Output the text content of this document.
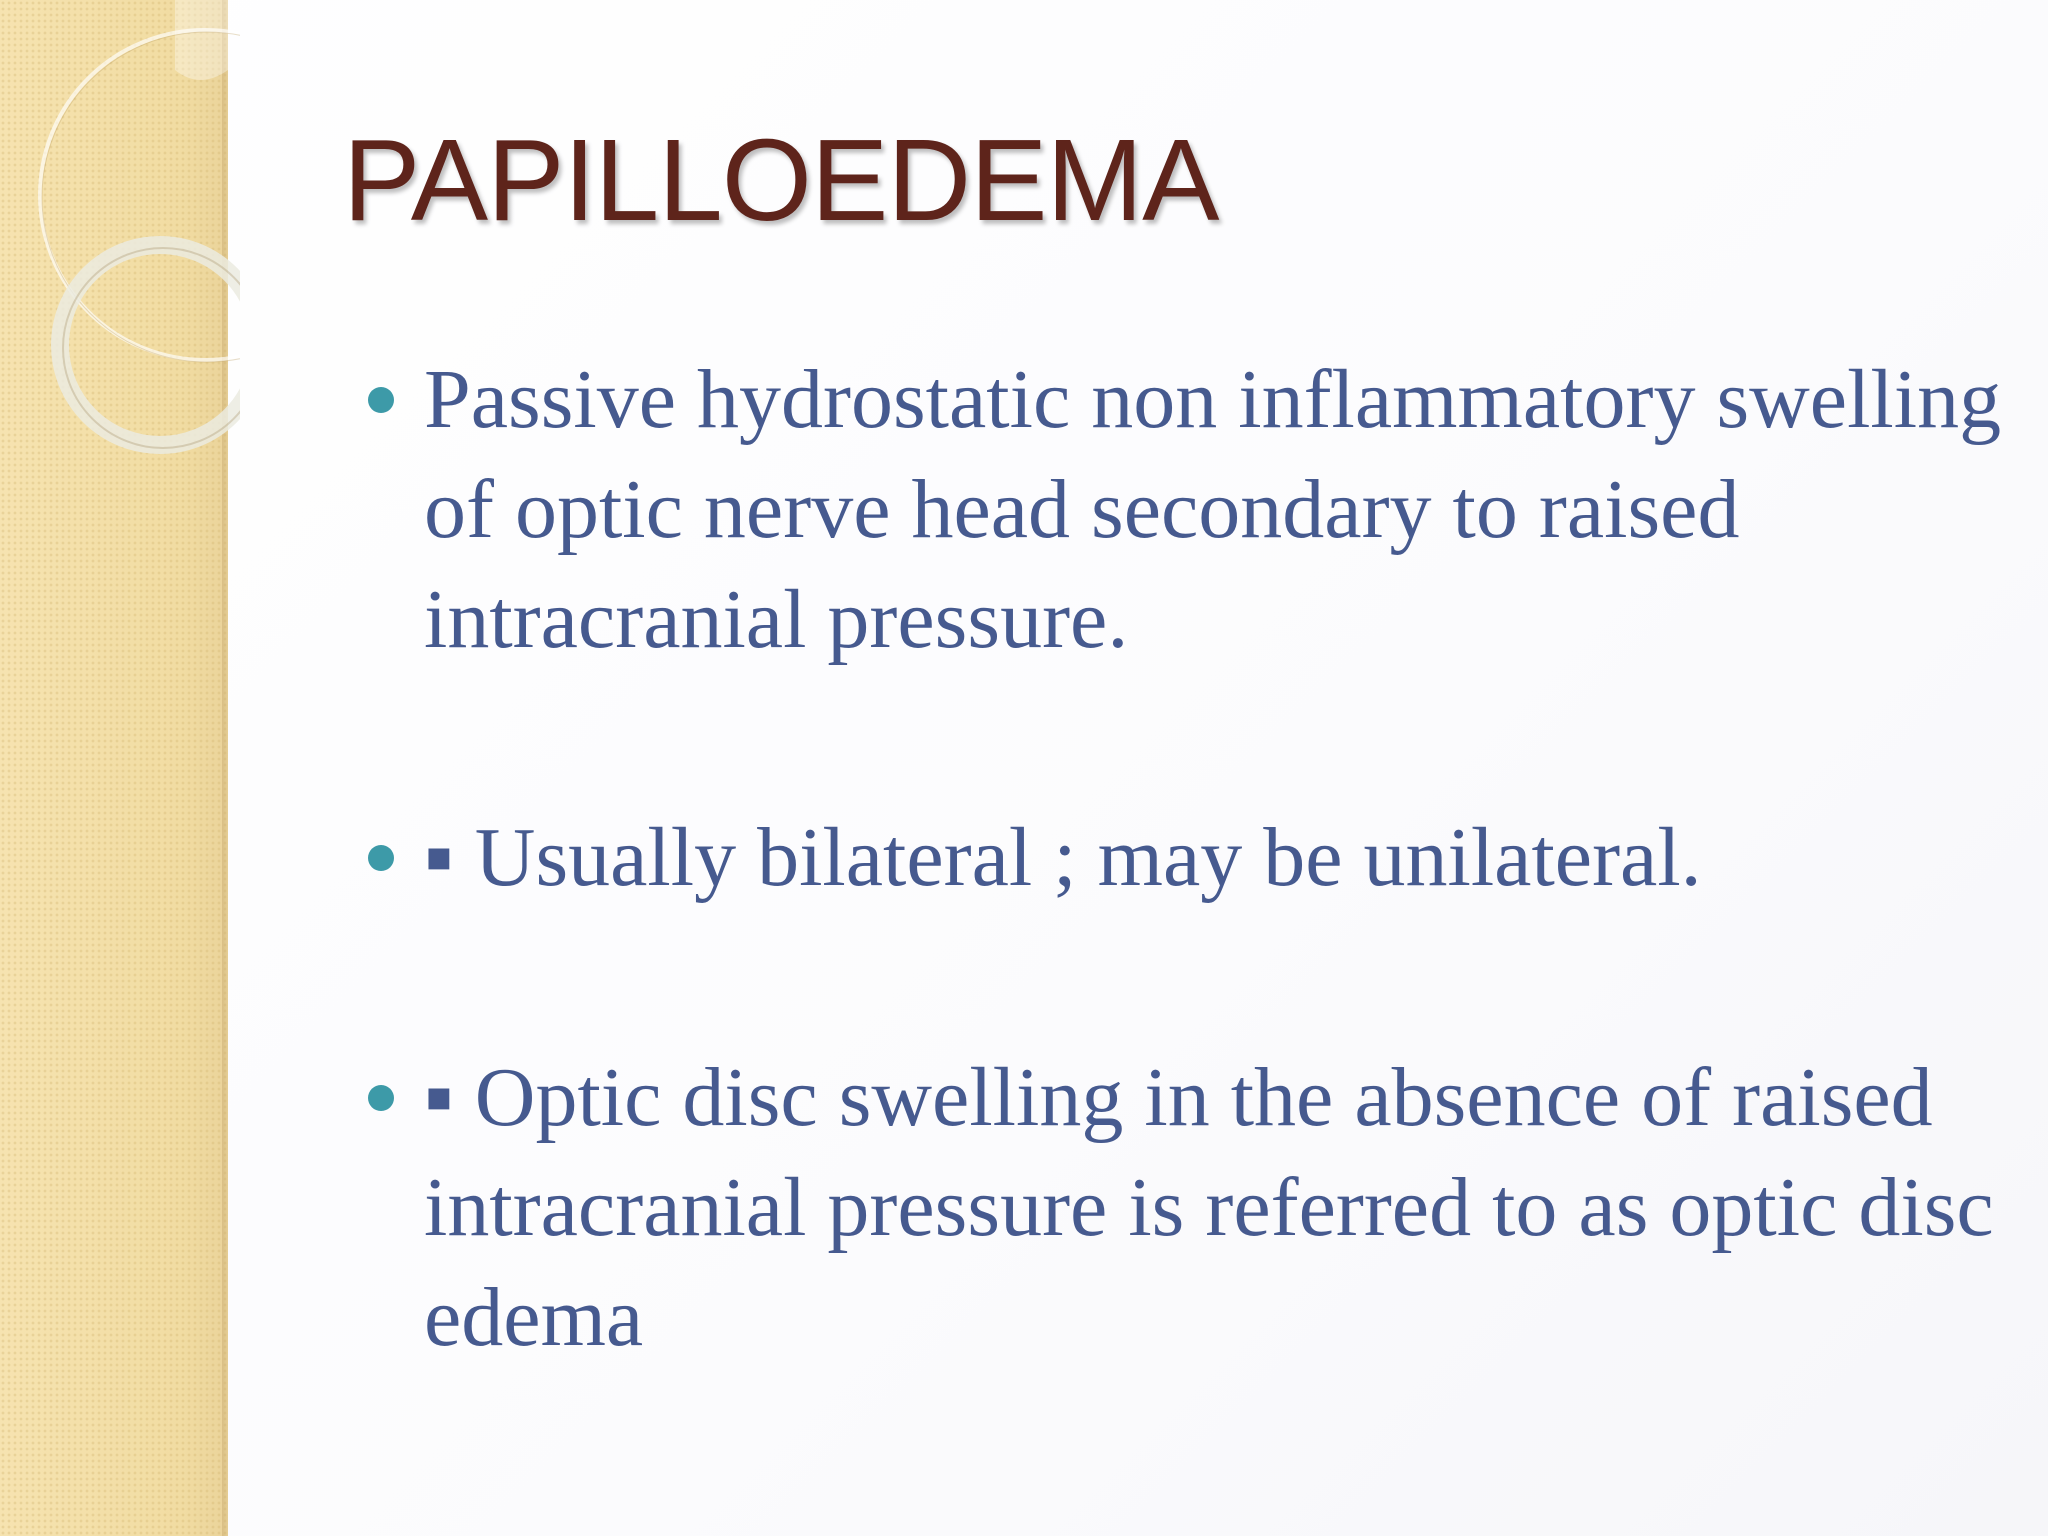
PAPILLOEDEMA
Passive hydrostatic non inflammatory swelling of optic nerve head secondary to raised intracranial pressure.
▪ Usually bilateral ; may be unilateral.
▪ Optic disc swelling in the absence of raised intracranial pressure is referred to as optic disc edema
